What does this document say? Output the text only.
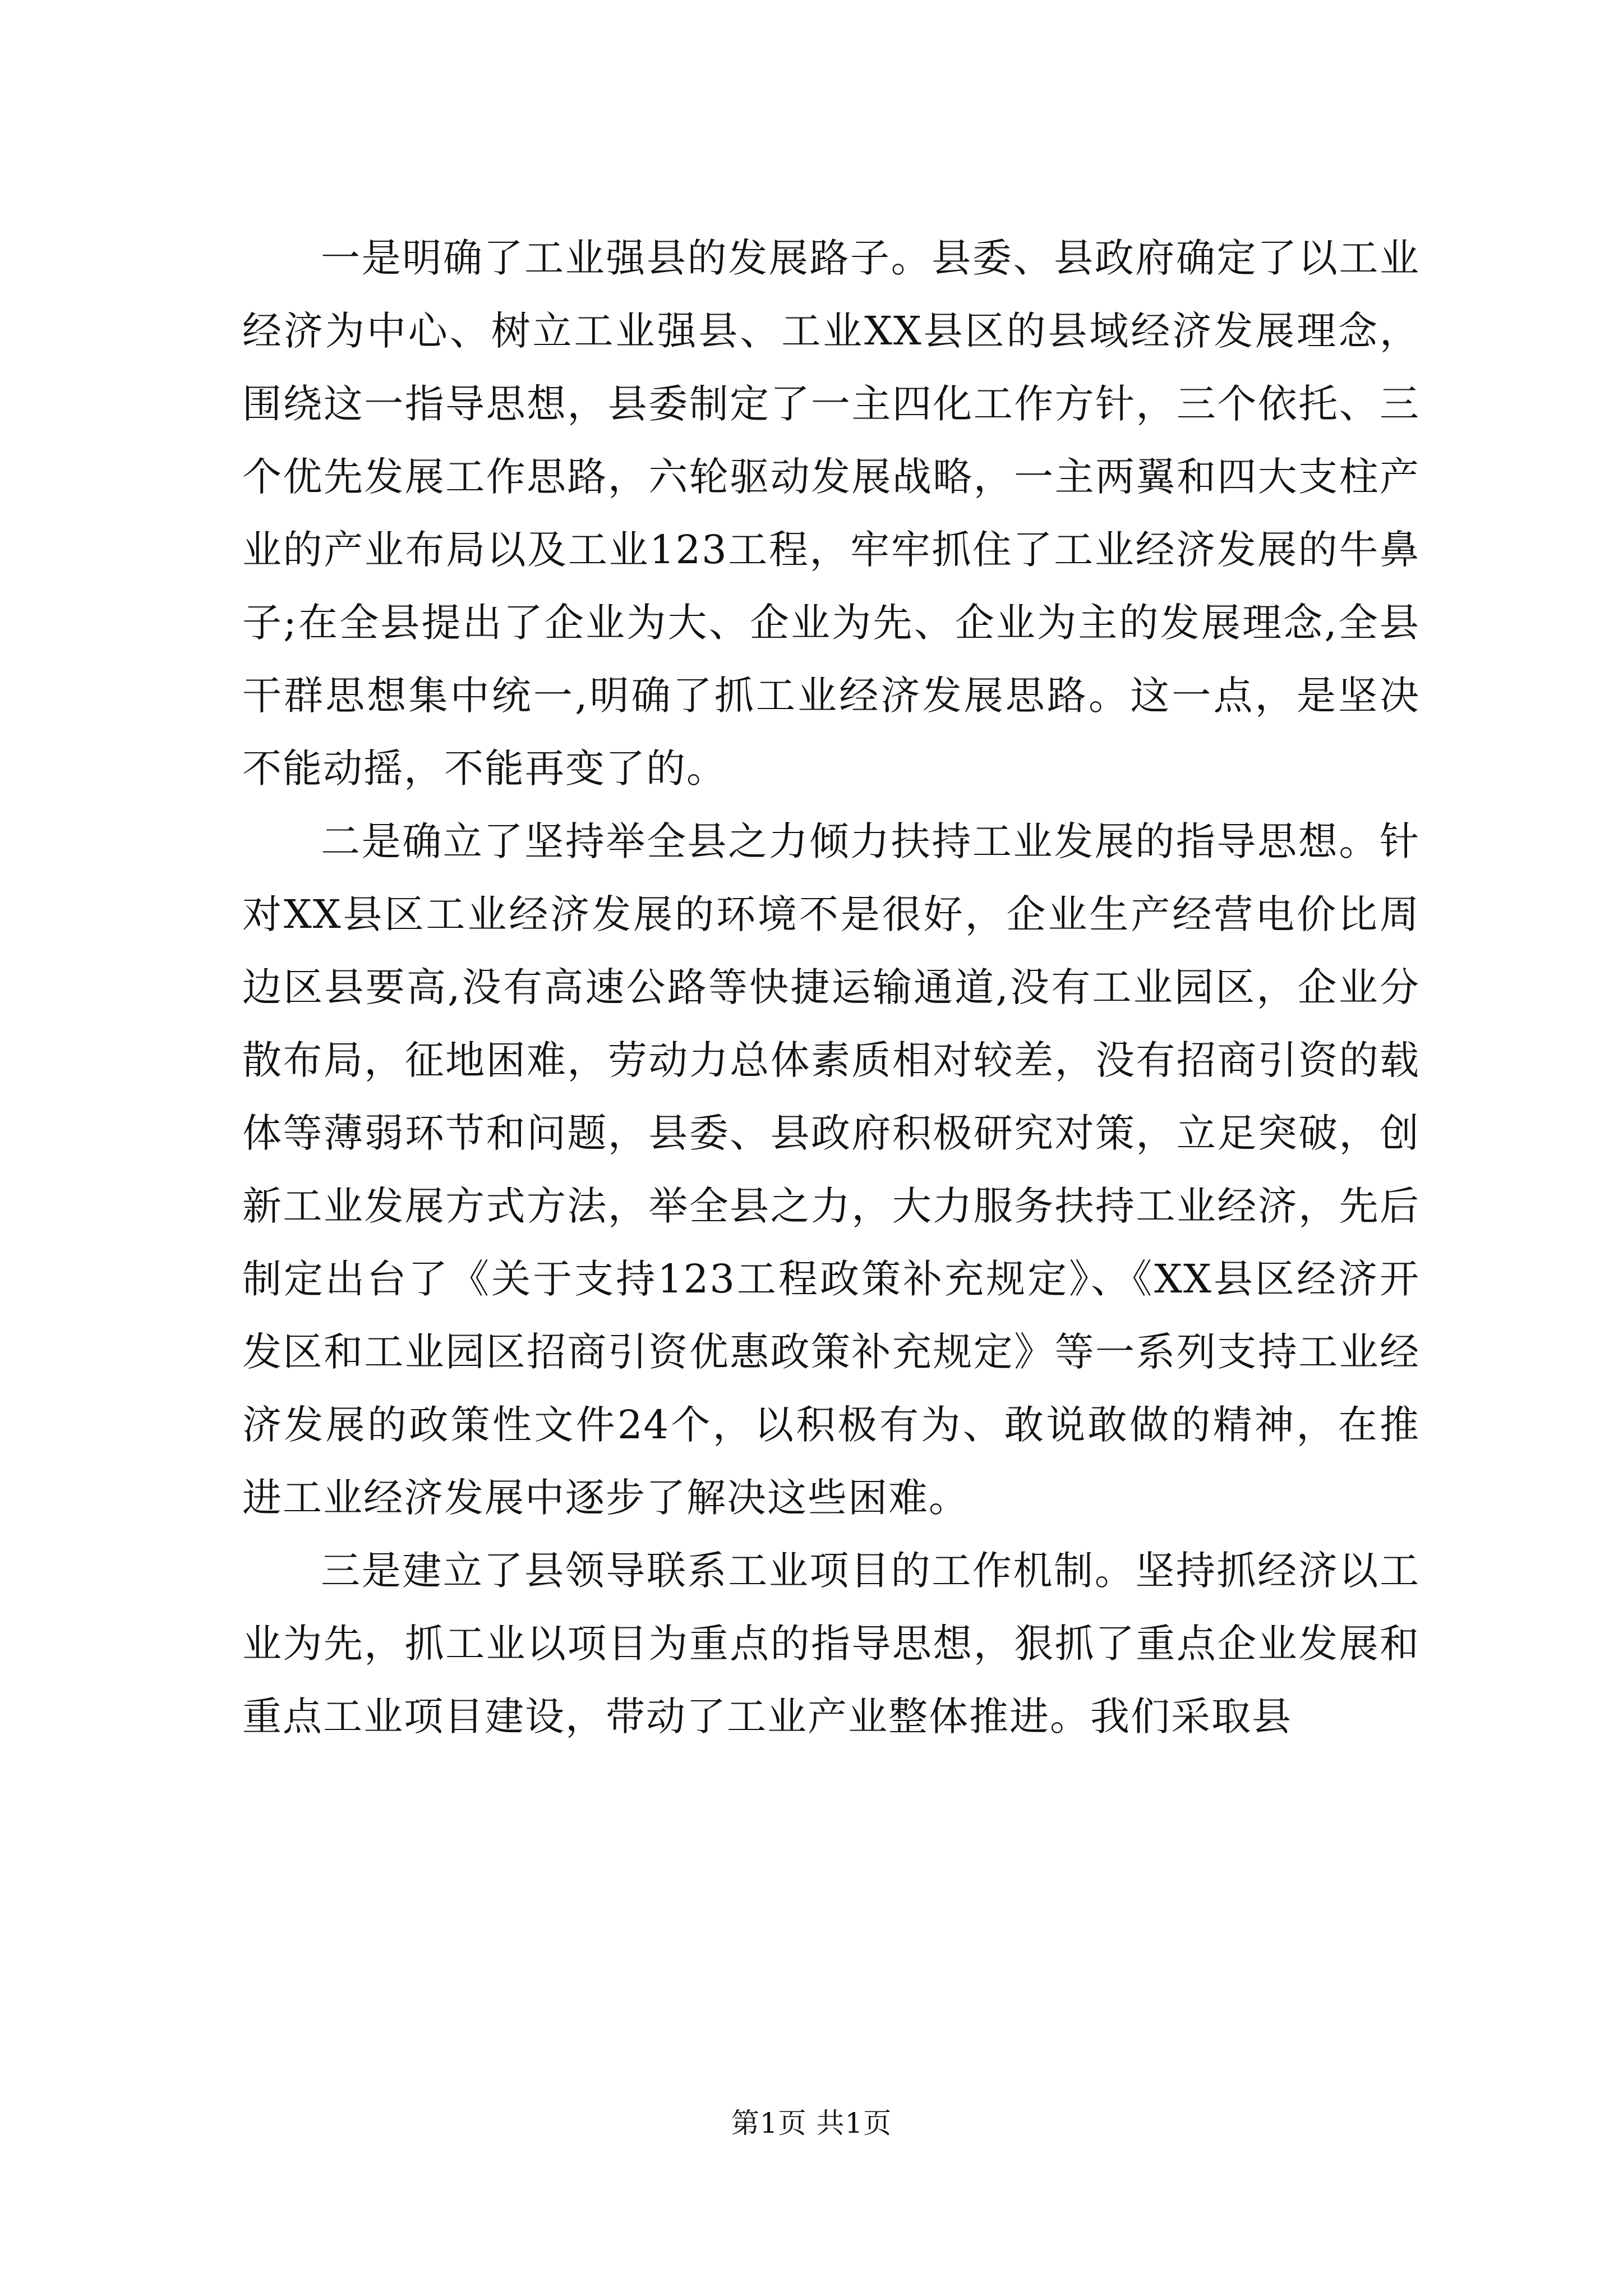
一是明确了工业强县的发展路子。县委、县政府确定了以工业经济为中心、树立工业强县、工业XX县区的县域经济发展理念，围绕这一指导思想，县委制定了一主四化工作方针，三个依托、三个优先发展工作思路，六轮驱动发展战略，一主两翼和四大支柱产业的产业布局以及工业123工程，牢牢抓住了工业经济发展的牛鼻子;在全县提出了企业为大、企业为先、企业为主的发展理念,全县干群思想集中统一,明确了抓工业经济发展思路。这一点，是坚决不能动摇，不能再变了的。

二是确立了坚持举全县之力倾力扶持工业发展的指导思想。针对XX县区工业经济发展的环境不是很好，企业生产经营电价比周边区县要高,没有高速公路等快捷运输通道,没有工业园区，企业分散布局，征地困难，劳动力总体素质相对较差，没有招商引资的载体等薄弱环节和问题，县委、县政府积极研究对策，立足突破，创新工业发展方式方法，举全县之力，大力服务扶持工业经济，先后制定出台了《关于支持123工程政策补充规定》、《XX县区经济开发区和工业园区招商引资优惠政策补充规定》等一系列支持工业经济发展的政策性文件24个，以积极有为、敢说敢做的精神，在推进工业经济发展中逐步了解决这些困难。

三是建立了县领导联系工业项目的工作机制。坚持抓经济以工业为先，抓工业以项目为重点的指导思想，狠抓了重点企业发展和重点工业项目建设，带动了工业产业整体推进。我们采取县

第1页 共1页
